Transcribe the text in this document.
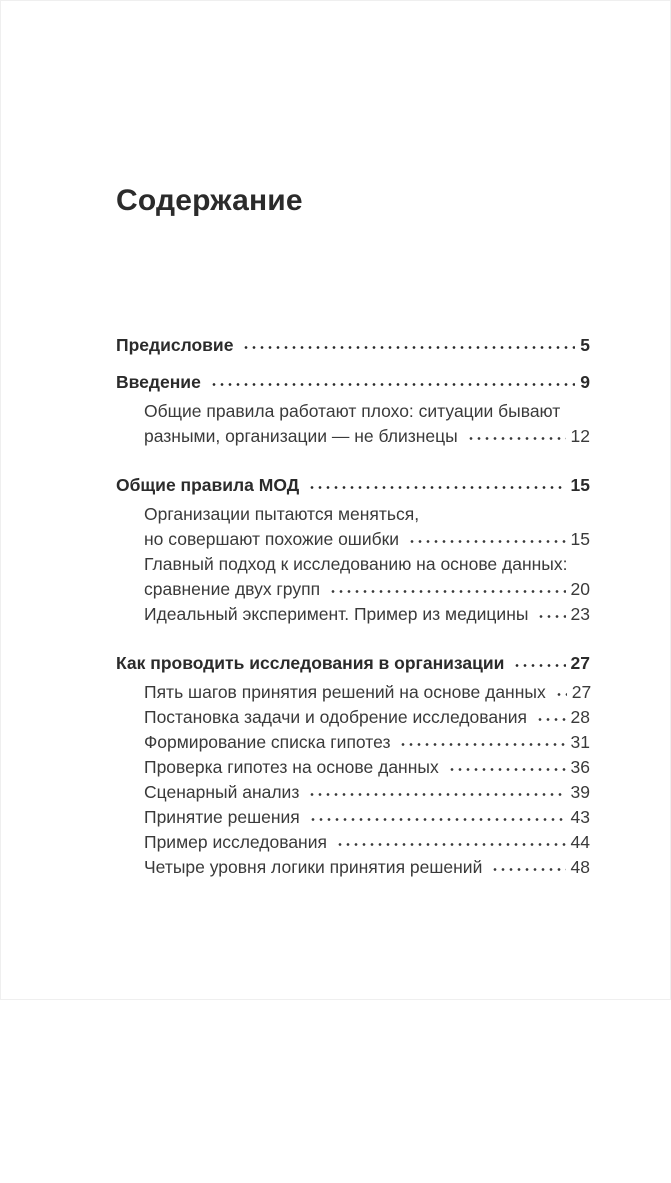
Содержание
Предисловие	5
Введение	9
Общие правила работают плохо: ситуации бывают
разными, организации — не близнецы	12
Общие правила МОД	15
Организации пытаются меняться,
но совершают похожие ошибки	15
Главный подход к исследованию на основе данных:
сравнение двух групп	20
Идеальный эксперимент. Пример из медицины 23
Как проводить исследования в организации	27
Пять шагов принятия решений на основе данных 27
Постановка задачи и одобрение исследования 28
Формирование списка гипотез	31
Проверка гипотез на основе данных	36
Сценарный анализ	39
Принятие решения	43
Пример исследования	44
Четыре уровня логики принятия решений	48
